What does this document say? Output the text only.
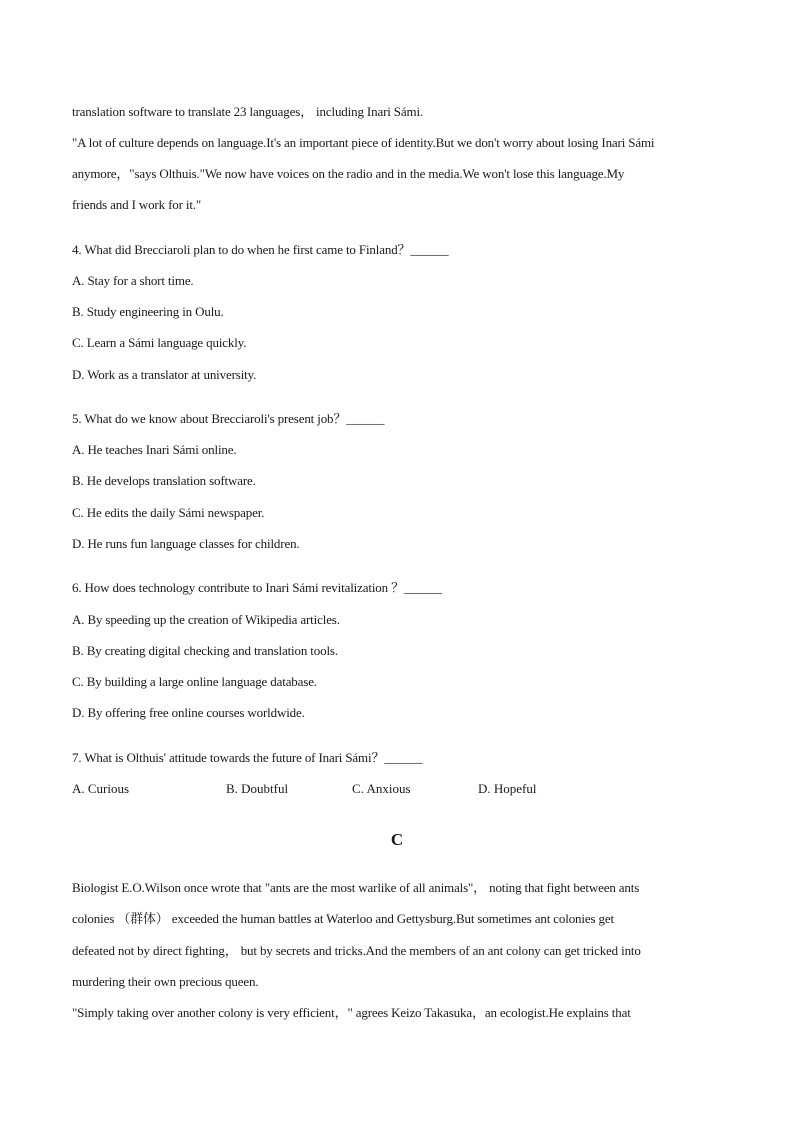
translation software to translate 23 languages， including Inari Sámi.
"A lot of culture depends on language.It's an important piece of identity.But we don't worry about losing Inari Sámi
anymore，"says Olthuis."We now have voices on the radio and in the media.We won't lose this language.My
friends and I work for it."
4. What did Brecciaroli plan to do when he first came to Finland？______
A. Stay for a short time.
B. Study engineering in Oulu.
C. Learn a Sámi language quickly.
D. Work as a translator at university.
5. What do we know about Brecciaroli's present job？______
A. He teaches Inari Sámi online.
B. He develops translation software.
C. He edits the daily Sámi newspaper.
D. He runs fun language classes for children.
6. How does technology contribute to Inari Sámi revitalization ？______
A. By speeding up the creation of Wikipedia articles.
B. By creating digital checking and translation tools.
C. By building a large online language database.
D. By offering free online courses worldwide.
7. What is Olthuis' attitude towards the future of Inari Sámi？______
A. Curious	B. Doubtful	C. Anxious	D. Hopeful
C
Biologist E.O.Wilson once wrote that "ants are the most warlike of all animals"， noting that fight between ants
colonies （群体） exceeded the human battles at Waterloo and Gettysburg.But sometimes ant colonies get
defeated not by direct fighting， but by secrets and tricks.And the members of an ant colony can get tricked into
murdering their own precious queen.
"Simply taking over another colony is very efficient，" agrees Keizo Takasuka，an ecologist.He explains that
